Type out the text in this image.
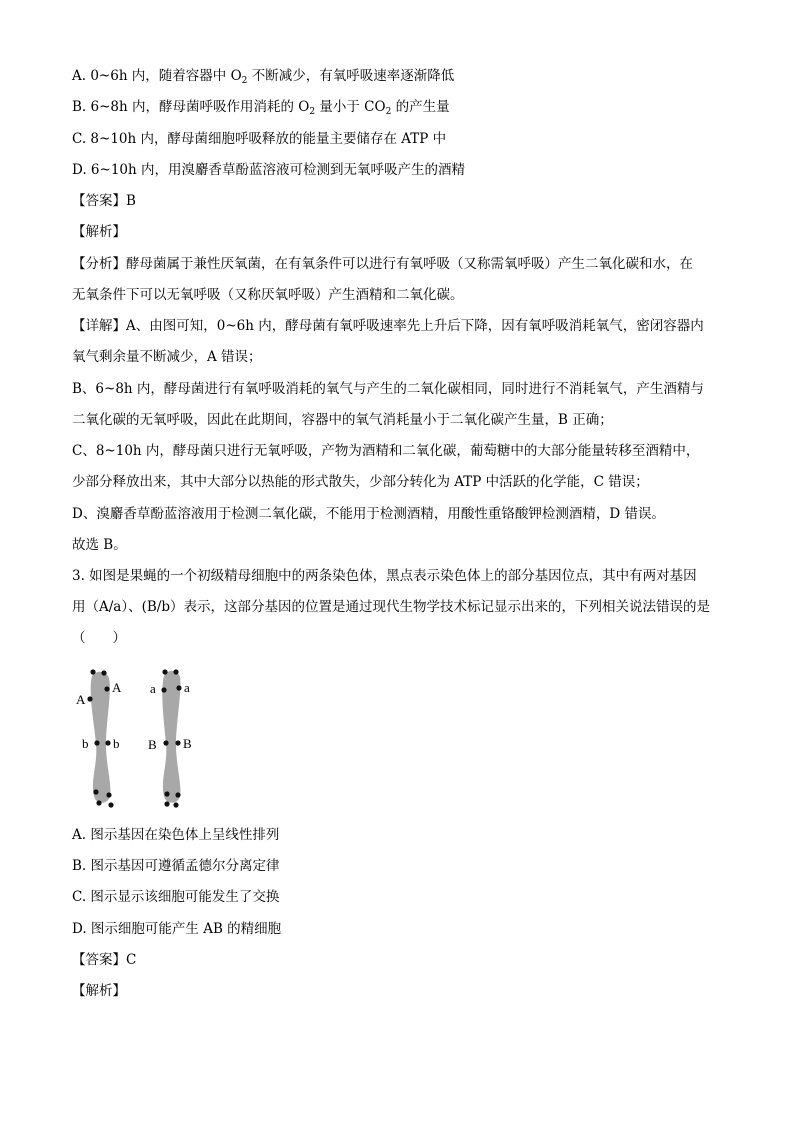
A. 0~6h 内，随着容器中 $O_2$ 不断减少，有氧呼吸速率逐渐降低
B. 6~8h 内，酵母菌呼吸作用消耗的 $O_2$ 量小于 $CO_2$ 的产生量
C. 8~10h 内，酵母菌细胞呼吸释放的能量主要储存在 ATP 中
D. 6~10h 内，用溴麝香草酚蓝溶液可检测到无氧呼吸产生的酒精
【答案】B
【解析】
【分析】酵母菌属于兼性厌氧菌，在有氧条件可以进行有氧呼吸（又称需氧呼吸）产生二氧化碳和水，在
无氧条件下可以无氧呼吸（又称厌氧呼吸）产生酒精和二氧化碳。
【详解】A、由图可知，0~6h 内，酵母菌有氧呼吸速率先上升后下降，因有氧呼吸消耗氧气，密闭容器内
氧气剩余量不断减少，A 错误；
B、6~8h 内，酵母菌进行有氧呼吸消耗的氧气与产生的二氧化碳相同，同时进行不消耗氧气，产生酒精与
二氧化碳的无氧呼吸，因此在此期间，容器中的氧气消耗量小于二氧化碳产生量，B 正确；
C、8~10h 内，酵母菌只进行无氧呼吸，产物为酒精和二氧化碳，葡萄糖中的大部分能量转移至酒精中，
少部分释放出来，其中大部分以热能的形式散失，少部分转化为 ATP 中活跃的化学能，C 错误；
D、溴麝香草酚蓝溶液用于检测二氧化碳，不能用于检测酒精，用酸性重铬酸钾检测酒精，D 错误。
故选 B。
3. 如图是果蝇的一个初级精母细胞中的两条染色体，黑点表示染色体上的部分基因位点，其中有两对基因
用（A/a）、(B/b）表示，这部分基因的位置是通过现代生物学技术标记显示出来的，下列相关说法错误的是
（　　）
A
A
b b
a a
B B
A. 图示基因在染色体上呈线性排列
B. 图示基因可遵循孟德尔分离定律
C. 图示显示该细胞可能发生了交换
D. 图示细胞可能产生 AB 的精细胞
【答案】C
【解析】
